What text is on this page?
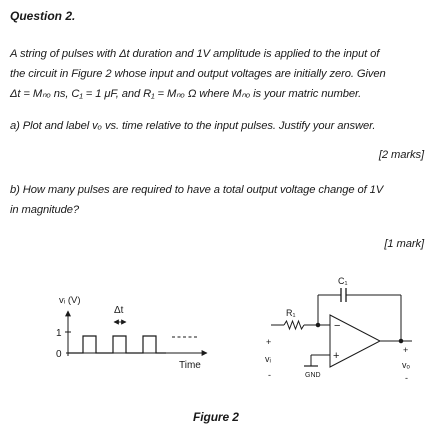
Question 2.
A string of pulses with Δt duration and 1V amplitude is applied to the input of
the circuit in Figure 2 whose input and output voltages are initially zero. Given
Δt = Mₙₒ ns, C₁ = 1 μF, and R₁ = Mₙₒ Ω where Mₙₒ is your matric number.
a) Plot and label vₒ vs. time relative to the input pulses. Justify your answer.
[2 marks]
b) How many pulses are required to have a total output voltage change of 1V
in magnitude?
[1 mark]
vᵢ (V)
1
0
Δt
Time
C₁
R₁
−
+
+
vᵢ
-	GND
+
vₒ
-
Figure 2
